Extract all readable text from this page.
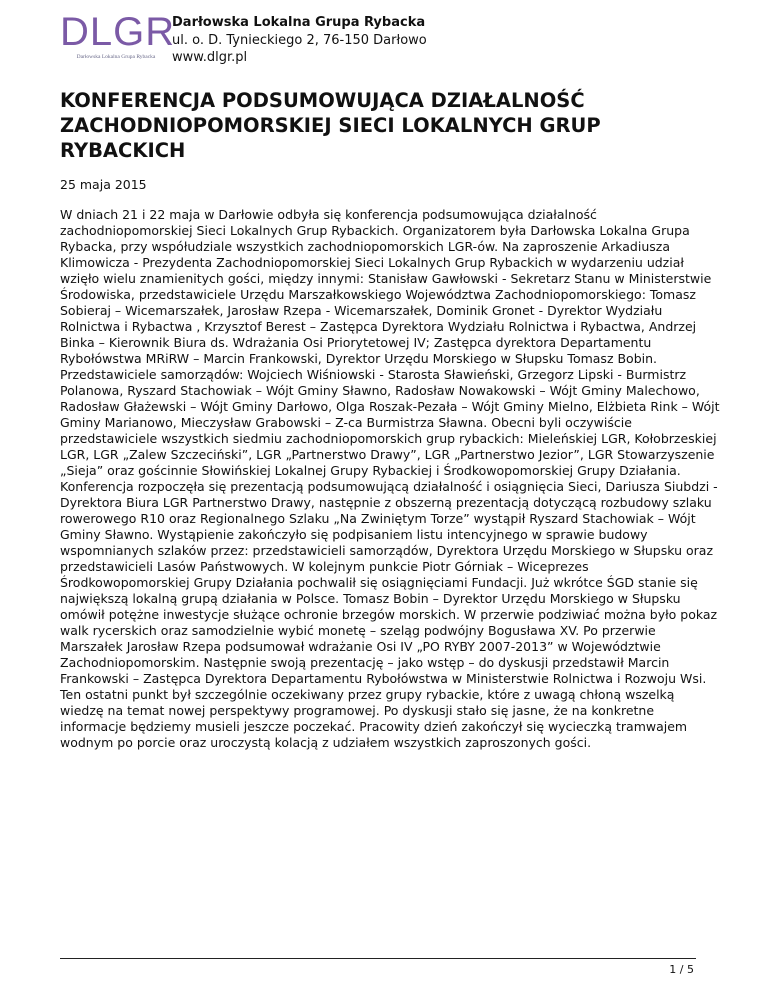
DLGR
Darłowska Lokalna Grupa Rybacka
Darłowska Lokalna Grupa Rybacka
ul. o. D. Tynieckiego 2, 76-150 Darłowo
www.dlgr.pl
KONFERENCJA PODSUMOWUJĄCA DZIAŁALNOŚĆ ZACHODNIOPOMORSKIEJ SIECI LOKALNYCH GRUP RYBACKICH
25 maja 2015

W dniach 21 i 22 maja w Darłowie odbyła się konferencja podsumowująca działalność zachodniopomorskiej Sieci Lokalnych Grup Rybackich. Organizatorem była Darłowska Lokalna Grupa Rybacka, przy współudziale wszystkich zachodniopomorskich LGR-ów. Na zaproszenie Arkadiusza Klimowicza - Prezydenta Zachodniopomorskiej Sieci Lokalnych Grup Rybackich w wydarzeniu udział wzięło wielu znamienitych gości, między innymi: Stanisław Gawłowski - Sekretarz Stanu w Ministerstwie Środowiska, przedstawiciele Urzędu Marszałkowskiego Województwa Zachodniopomorskiego: Tomasz Sobieraj – Wicemarszałek, Jarosław Rzepa - Wicemarszałek, Dominik Gronet - Dyrektor Wydziału Rolnictwa i Rybactwa , Krzysztof Berest – Zastępca Dyrektora Wydziału Rolnictwa i Rybactwa, Andrzej Binka – Kierownik Biura ds. Wdrażania Osi Priorytetowej IV; Zastępca dyrektora Departamentu Rybołówstwa MRiRW – Marcin Frankowski, Dyrektor Urzędu Morskiego w Słupsku Tomasz Bobin. Przedstawiciele samorządów: Wojciech Wiśniowski - Starosta Sławieński, Grzegorz Lipski - Burmistrz Polanowa, Ryszard Stachowiak – Wójt Gminy Sławno, Radosław Nowakowski – Wójt Gminy Malechowo, Radosław Głażewski – Wójt Gminy Darłowo, Olga Roszak-Pezała – Wójt Gminy Mielno, Elżbieta Rink – Wójt Gminy Marianowo, Mieczysław Grabowski – Z-ca Burmistrza Sławna. Obecni byli oczywiście przedstawiciele wszystkich siedmiu zachodniopomorskich grup rybackich: Mieleńskiej LGR, Kołobrzeskiej LGR, LGR „Zalew Szczeciński”, LGR „Partnerstwo Drawy”, LGR „Partnerstwo Jezior”, LGR Stowarzyszenie „Sieja” oraz gościnnie Słowińskiej Lokalnej Grupy Rybackiej i Środkowopomorskiej Grupy Działania. Konferencja rozpoczęła się prezentacją podsumowującą działalność i osiągnięcia Sieci, Dariusza Siubdzi - Dyrektora Biura LGR Partnerstwo Drawy, następnie z obszerną prezentacją dotyczącą rozbudowy szlaku rowerowego R10 oraz Regionalnego Szlaku „Na Zwiniętym Torze” wystąpił Ryszard Stachowiak – Wójt Gminy Sławno. Wystąpienie zakończyło się podpisaniem listu intencyjnego w sprawie budowy wspomnianych szlaków przez: przedstawicieli samorządów, Dyrektora Urzędu Morskiego w Słupsku oraz przedstawicieli Lasów Państwowych. W kolejnym punkcie Piotr Górniak – Wiceprezes Środkowopomorskiej Grupy Działania pochwalił się osiągnięciami Fundacji. Już wkrótce ŚGD stanie się największą lokalną grupą działania w Polsce. Tomasz Bobin – Dyrektor Urzędu Morskiego w Słupsku omówił potężne inwestycje służące ochronie brzegów morskich. W przerwie podziwiać można było pokaz walk rycerskich oraz samodzielnie wybić monetę – szeląg podwójny Bogusława XV. Po przerwie Marszałek Jarosław Rzepa podsumował wdrażanie Osi IV „PO RYBY 2007-2013” w Województwie Zachodniopomorskim. Następnie swoją prezentację – jako wstęp – do dyskusji przedstawił Marcin Frankowski – Zastępca Dyrektora Departamentu Rybołówstwa w Ministerstwie Rolnictwa i Rozwoju Wsi. Ten ostatni punkt był szczególnie oczekiwany przez grupy rybackie, które z uwagą chłoną wszelką wiedzę na temat nowej perspektywy programowej. Po dyskusji stało się jasne, że na konkretne informacje będziemy musieli jeszcze poczekać. Pracowity dzień zakończył się wycieczką tramwajem wodnym po porcie oraz uroczystą kolacją z udziałem wszystkich zaproszonych gości.

1 / 5
